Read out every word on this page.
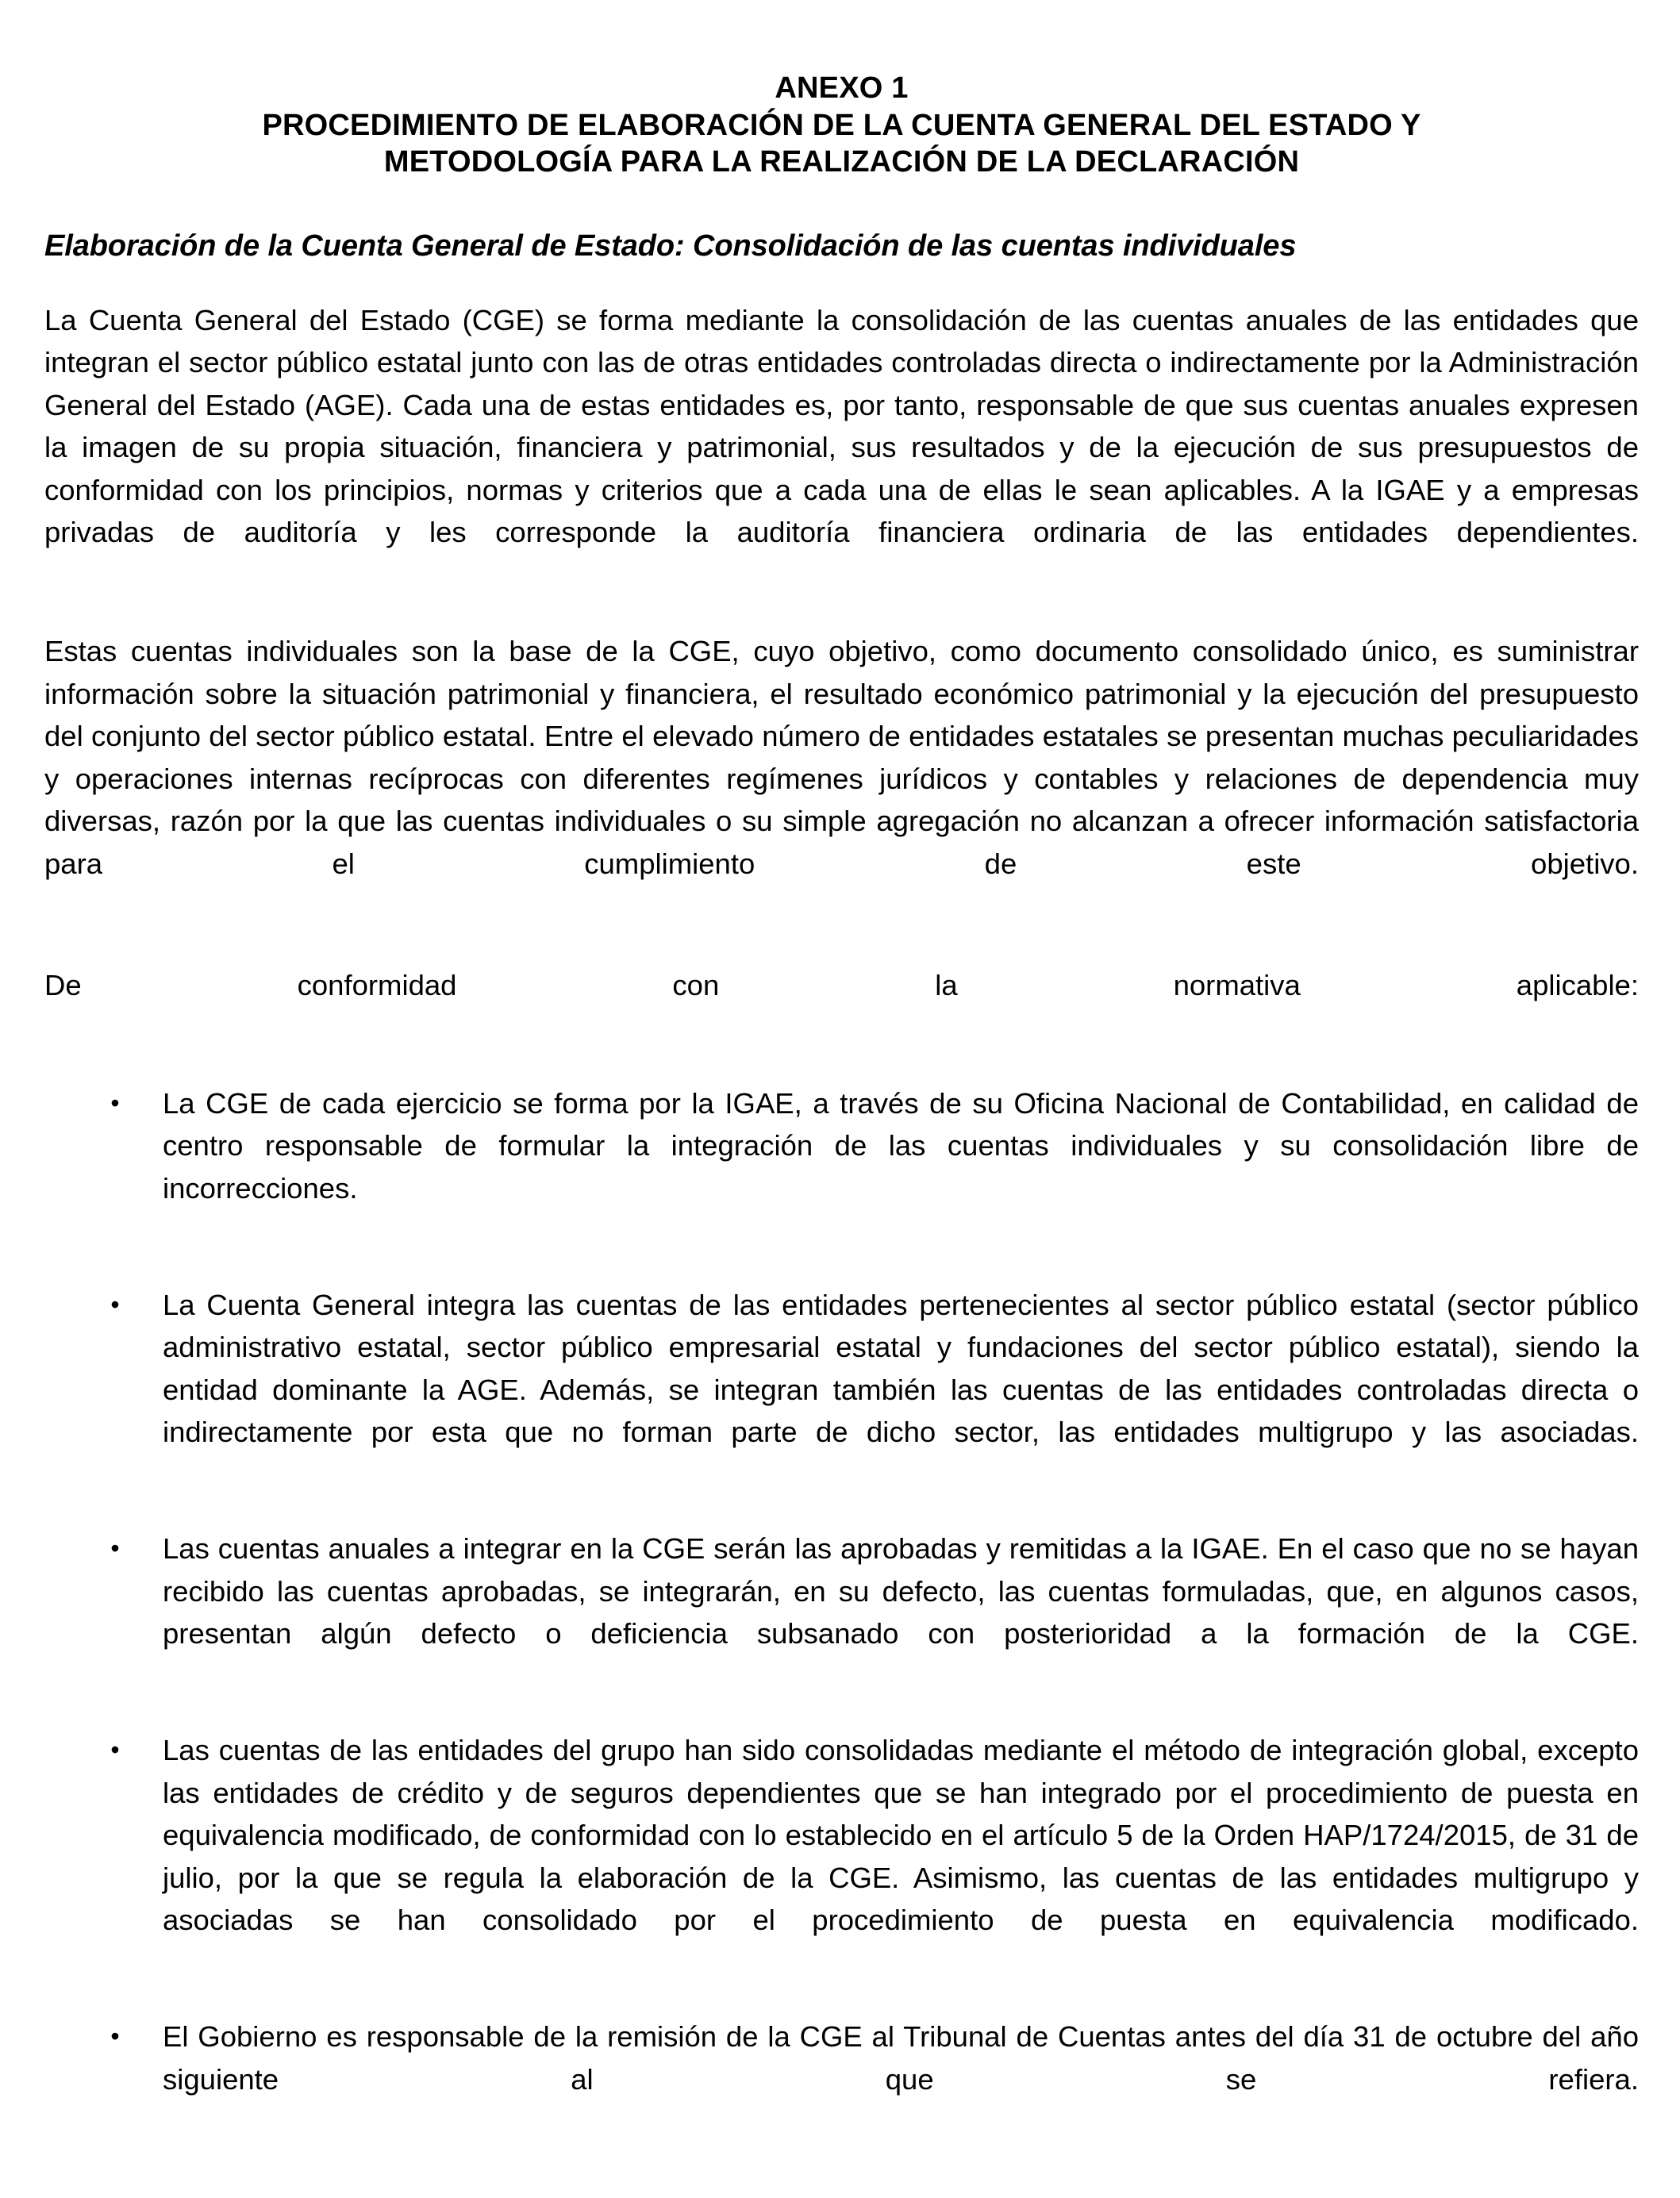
ANEXO 1
PROCEDIMIENTO DE ELABORACIÓN DE LA CUENTA GENERAL DEL ESTADO Y
METODOLOGÍA PARA LA REALIZACIÓN DE LA DECLARACIÓN
Elaboración de la Cuenta General de Estado: Consolidación de las cuentas individuales

La Cuenta General del Estado (CGE) se forma mediante la consolidación de las cuentas anuales de las entidades que integran el sector público estatal junto con las de otras entidades controladas directa o indirectamente por la Administración General del Estado (AGE). Cada una de estas entidades es, por tanto, responsable de que sus cuentas anuales expresen la imagen de su propia situación, financiera y patrimonial, sus resultados y de la ejecución de sus presupuestos de conformidad con los principios, normas y criterios que a cada una de ellas le sean aplicables. A la IGAE y a empresas privadas de auditoría y les corresponde la auditoría financiera ordinaria de las entidades dependientes.

Estas cuentas individuales son la base de la CGE, cuyo objetivo, como documento consolidado único, es suministrar información sobre la situación patrimonial y financiera, el resultado económico patrimonial y la ejecución del presupuesto del conjunto del sector público estatal. Entre el elevado número de entidades estatales se presentan muchas peculiaridades y operaciones internas recíprocas con diferentes regímenes jurídicos y contables y relaciones de dependencia muy diversas, razón por la que las cuentas individuales o su simple agregación no alcanzan a ofrecer información satisfactoria para el cumplimiento de este objetivo.

De conformidad con la normativa aplicable:

• La CGE de cada ejercicio se forma por la IGAE, a través de su Oficina Nacional de Contabilidad, en calidad de centro responsable de formular la integración de las cuentas individuales y su consolidación libre de incorrecciones.
• La Cuenta General integra las cuentas de las entidades pertenecientes al sector público estatal (sector público administrativo estatal, sector público empresarial estatal y fundaciones del sector público estatal), siendo la entidad dominante la AGE. Además, se integran también las cuentas de las entidades controladas directa o indirectamente por esta que no forman parte de dicho sector, las entidades multigrupo y las asociadas.
• Las cuentas anuales a integrar en la CGE serán las aprobadas y remitidas a la IGAE. En el caso que no se hayan recibido las cuentas aprobadas, se integrarán, en su defecto, las cuentas formuladas, que, en algunos casos, presentan algún defecto o deficiencia subsanado con posterioridad a la formación de la CGE.
• Las cuentas de las entidades del grupo han sido consolidadas mediante el método de integración global, excepto las entidades de crédito y de seguros dependientes que se han integrado por el procedimiento de puesta en equivalencia modificado, de conformidad con lo establecido en el artículo 5 de la Orden HAP/1724/2015, de 31 de julio, por la que se regula la elaboración de la CGE. Asimismo, las cuentas de las entidades multigrupo y asociadas se han consolidado por el procedimiento de puesta en equivalencia modificado.
• El Gobierno es responsable de la remisión de la CGE al Tribunal de Cuentas antes del día 31 de octubre del año siguiente al que se refiera.
